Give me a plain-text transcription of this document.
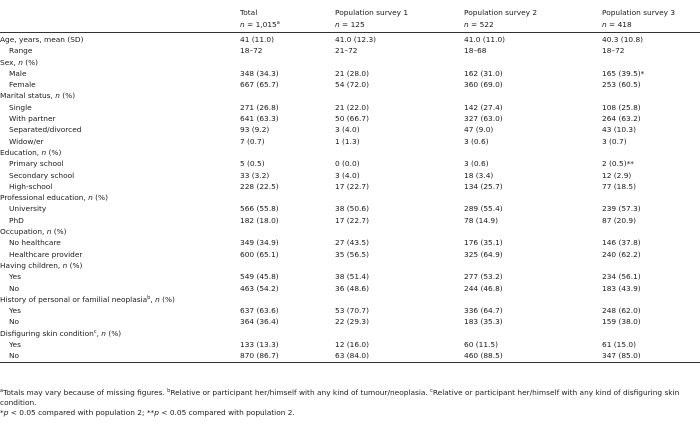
	Total	Population survey 1	Population survey 2	Population survey 3
	n = 1,015$^a$	n = 125	n = 522	n = 418
Age, years, mean (SD)	41 (11.0)	41.0 (12.3)	41.0 (11.0)	40.3 (10.8)
Range	18–72	21–72	18–68	18–72
Sex, n (%)				
Male	348 (34.3)	21 (28.0)	162 (31.0)	165 (39.5)*
Female	667 (65.7)	54 (72.0)	360 (69.0)	253 (60.5)
Marital status, n (%)				
Single	271 (26.8)	21 (22.0)	142 (27.4)	108 (25.8)
With partner	641 (63.3)	50 (66.7)	327 (63.0)	264 (63.2)
Separated/divorced	93 (9.2)	3 (4.0)	47 (9.0)	43 (10.3)
Widow/er	7 (0.7)	1 (1.3)	3 (0.6)	3 (0.7)
Education, n (%)				
Primary school	5 (0.5)	0 (0.0)	3 (0.6)	2 (0.5)**
Secondary school	33 (3.2)	3 (4.0)	18 (3.4)	12 (2.9)
High-school	228 (22.5)	17 (22.7)	134 (25.7)	77 (18.5)
Professional education, n (%)				
University	566 (55.8)	38 (50.6)	289 (55.4)	239 (57.3)
PhD	182 (18.0)	17 (22.7)	78 (14.9)	87 (20.9)
Occupation, n (%)				
No healthcare	349 (34.9)	27 (43.5)	176 (35.1)	146 (37.8)
Healthcare provider	600 (65.1)	35 (56.5)	325 (64.9)	240 (62.2)
Having children, n (%)				
Yes	549 (45.8)	38 (51.4)	277 (53.2)	234 (56.1)
No	463 (54.2)	36 (48.6)	244 (46.8)	183 (43.9)
History of personal or familial neoplasia$^b$, n (%)				
Yes	637 (63.6)	53 (70.7)	336 (64.7)	248 (62.0)
No	364 (36.4)	22 (29.3)	183 (35.3)	159 (38.0)
Disfiguring skin condition$^c$, n (%)				
Yes	133 (13.3)	12 (16.0)	60 (11.5)	61 (15.0)
No	870 (86.7)	63 (84.0)	460 (88.5)	347 (85.0)

$^a$Totals may vary because of missing figures. $^b$Relative or participant her/himself with any kind of tumour/neoplasia. $^c$Relative or participant her/himself with any kind of disfiguring skin condition.

*p < 0.05 compared with population 2; **p < 0.05 compared with population 2.
